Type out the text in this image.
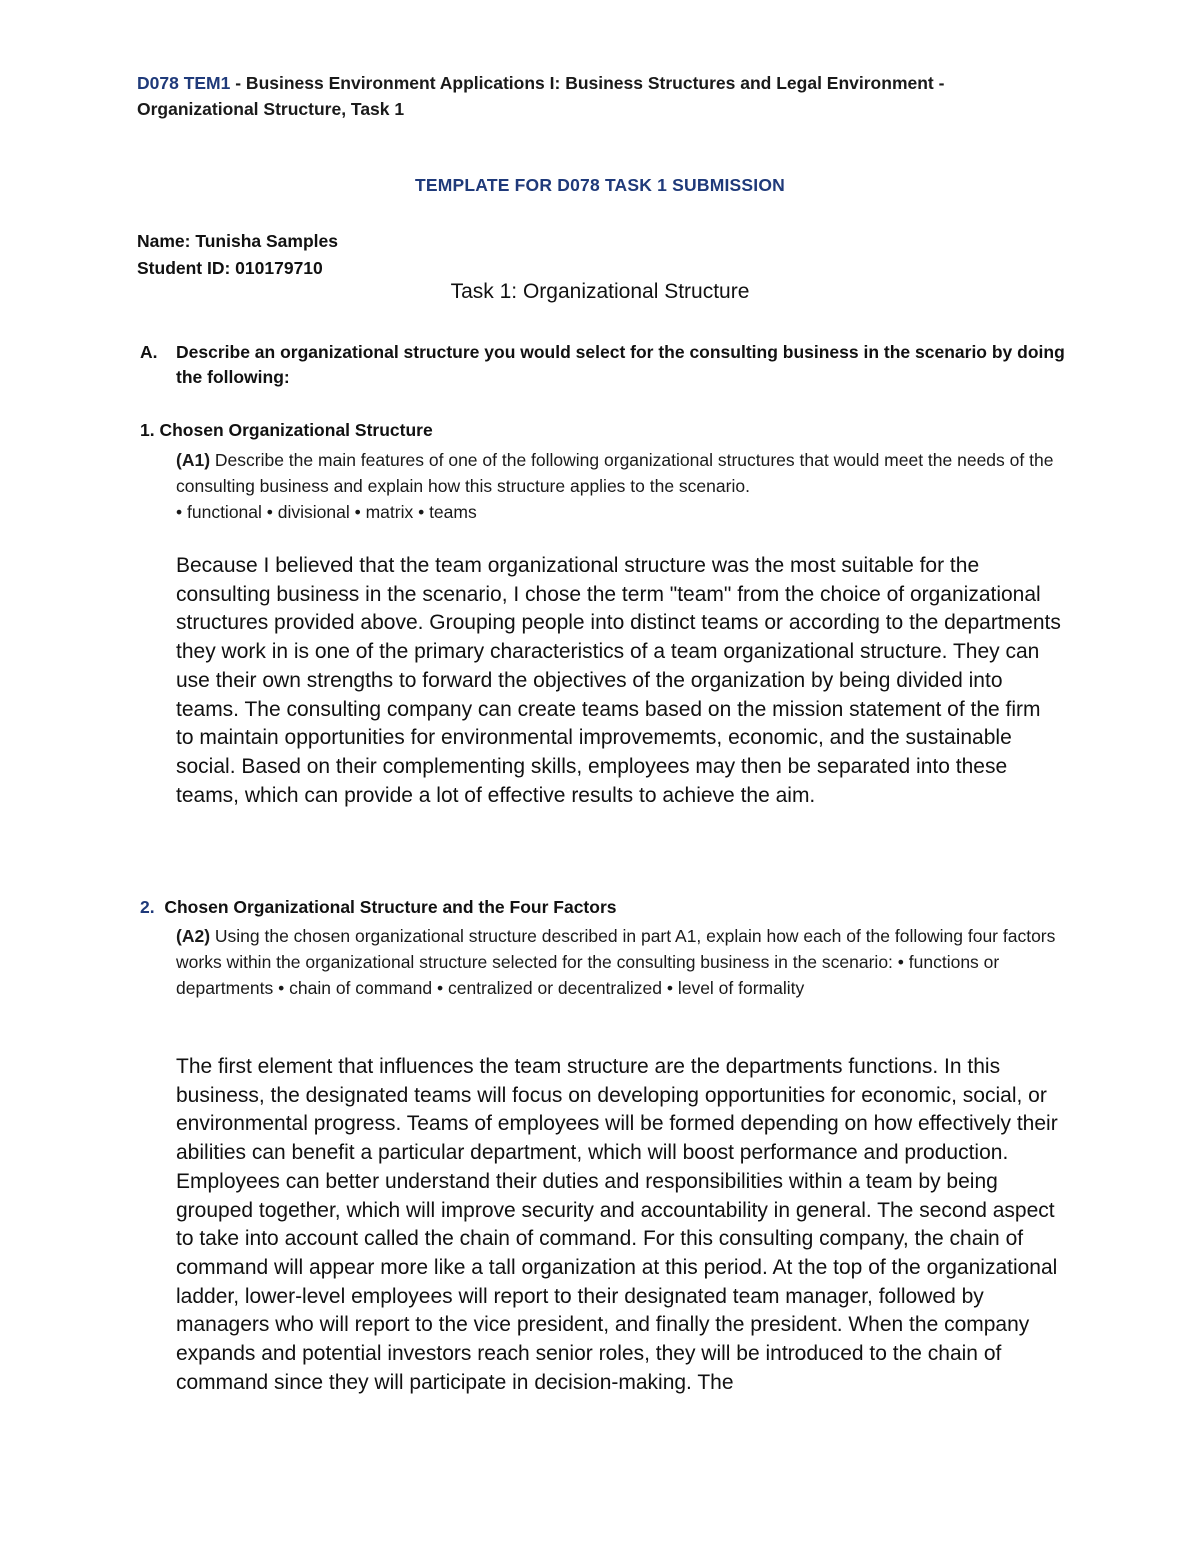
D078 TEM1 - Business Environment Applications I: Business Structures and Legal Environment - Organizational Structure, Task 1
TEMPLATE FOR D078 TASK 1 SUBMISSION
Name: Tunisha Samples
Student ID: 010179710
Task 1: Organizational Structure
A.	Describe an organizational structure you would select for the consulting business in the scenario by doing the following:
1. Chosen Organizational Structure
(A1) Describe the main features of one of the following organizational structures that would meet the needs of the consulting business and explain how this structure applies to the scenario.
• functional • divisional • matrix • teams
Because I believed that the team organizational structure was the most suitable for the consulting business in the scenario, I chose the term "team" from the choice of organizational structures provided above. Grouping people into distinct teams or according to the departments they work in is one of the primary characteristics of a team organizational structure. They can use their own strengths to forward the objectives of the organization by being divided into teams. The consulting company can create teams based on the mission statement of the firm to maintain opportunities for environmental improvememts, economic, and the sustainable social. Based on their complementing skills, employees may then be separated into these teams, which can provide a lot of effective results to achieve the aim.
2. Chosen Organizational Structure and the Four Factors
(A2) Using the chosen organizational structure described in part A1, explain how each of the following four factors works within the organizational structure selected for the consulting business in the scenario: • functions or departments • chain of command • centralized or decentralized • level of formality
The first element that influences the team structure are the departments functions. In this business, the designated teams will focus on developing opportunities for economic, social, or environmental progress. Teams of employees will be formed depending on how effectively their abilities can benefit a particular department, which will boost performance and production. Employees can better understand their duties and responsibilities within a team by being grouped together, which will improve security and accountability in general. The second aspect to take into account called the chain of command. For this consulting company, the chain of command will appear more like a tall organization at this period. At the top of the organizational ladder, lower-level employees will report to their designated team manager, followed by managers who will report to the vice president, and finally the president. When the company expands and potential investors reach senior roles, they will be introduced to the chain of command since they will participate in decision-making. The
